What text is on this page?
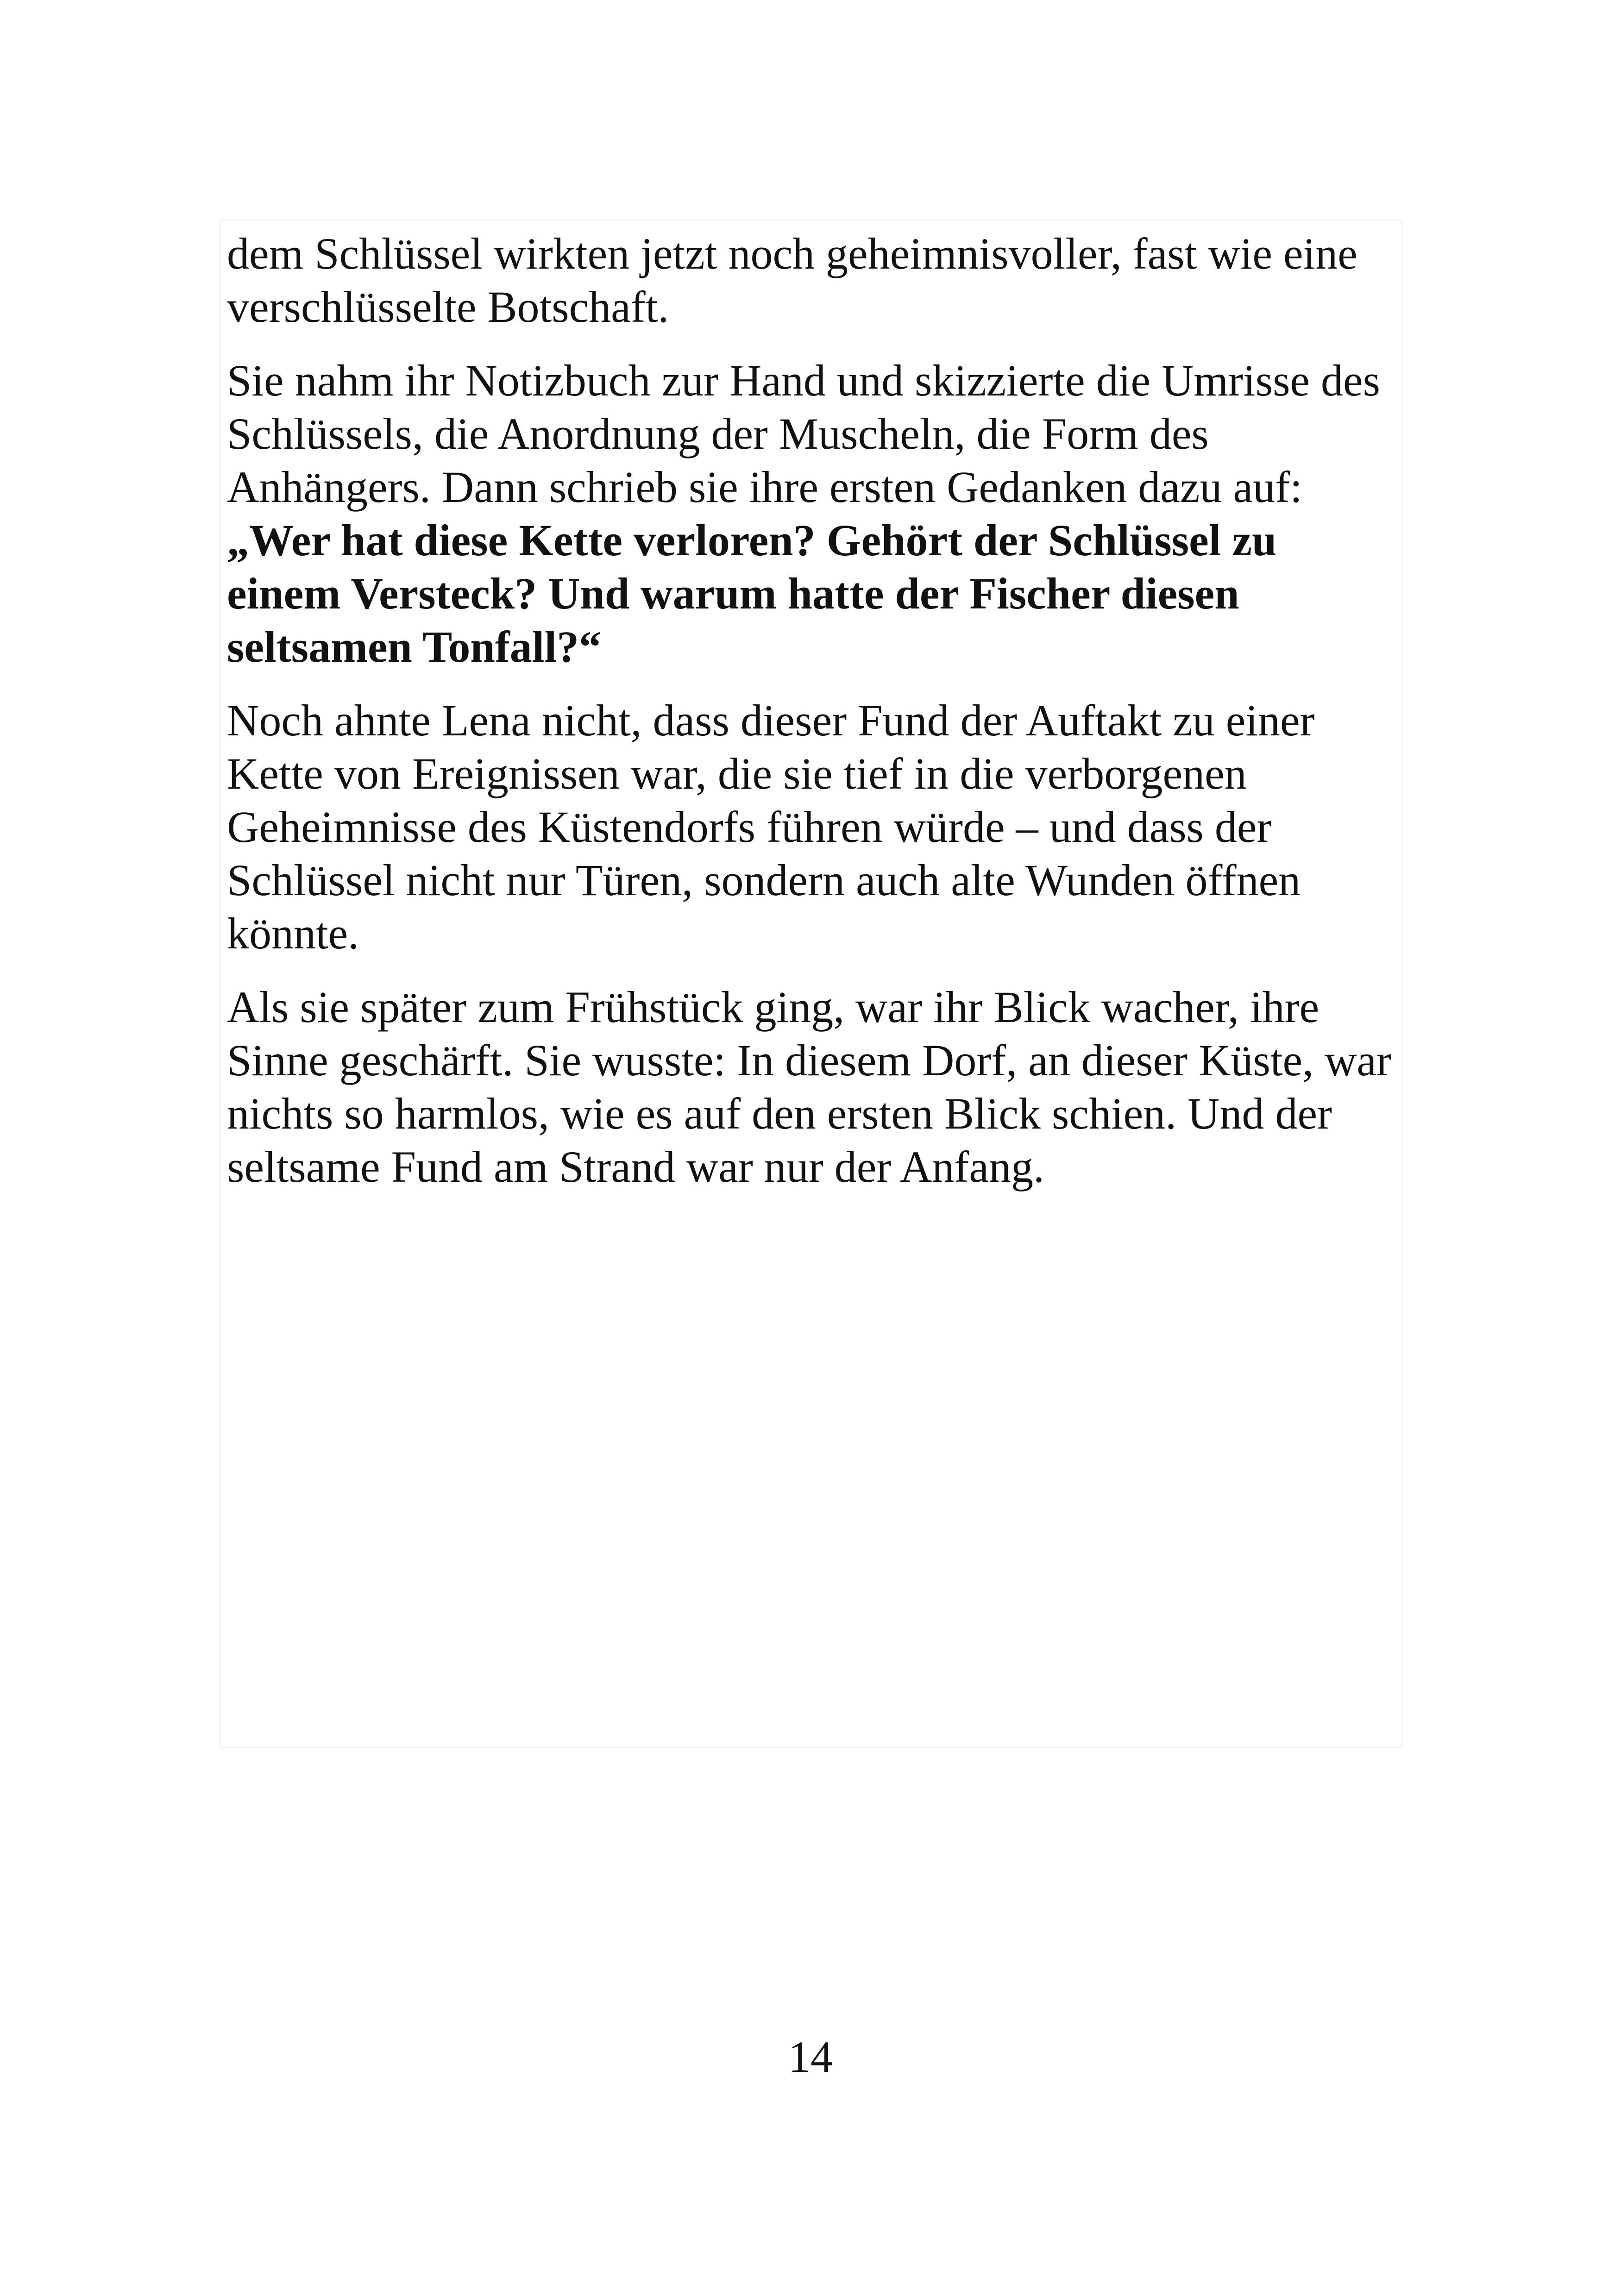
dem Schlüssel wirkten jetzt noch geheimnisvoller, fast wie eine verschlüsselte Botschaft.

Sie nahm ihr Notizbuch zur Hand und skizzierte die Umrisse des Schlüssels, die Anordnung der Muscheln, die Form des Anhängers. Dann schrieb sie ihre ersten Gedanken dazu auf:
„Wer hat diese Kette verloren? Gehört der Schlüssel zu einem Versteck? Und warum hatte der Fischer diesen seltsamen Tonfall?“

Noch ahnte Lena nicht, dass dieser Fund der Auftakt zu einer Kette von Ereignissen war, die sie tief in die verborgenen Geheimnisse des Küstendorfs führen würde – und dass der Schlüssel nicht nur Türen, sondern auch alte Wunden öffnen könnte.

Als sie später zum Frühstück ging, war ihr Blick wacher, ihre Sinne geschärft. Sie wusste: In diesem Dorf, an dieser Küste, war nichts so harmlos, wie es auf den ersten Blick schien. Und der seltsame Fund am Strand war nur der Anfang.

14
